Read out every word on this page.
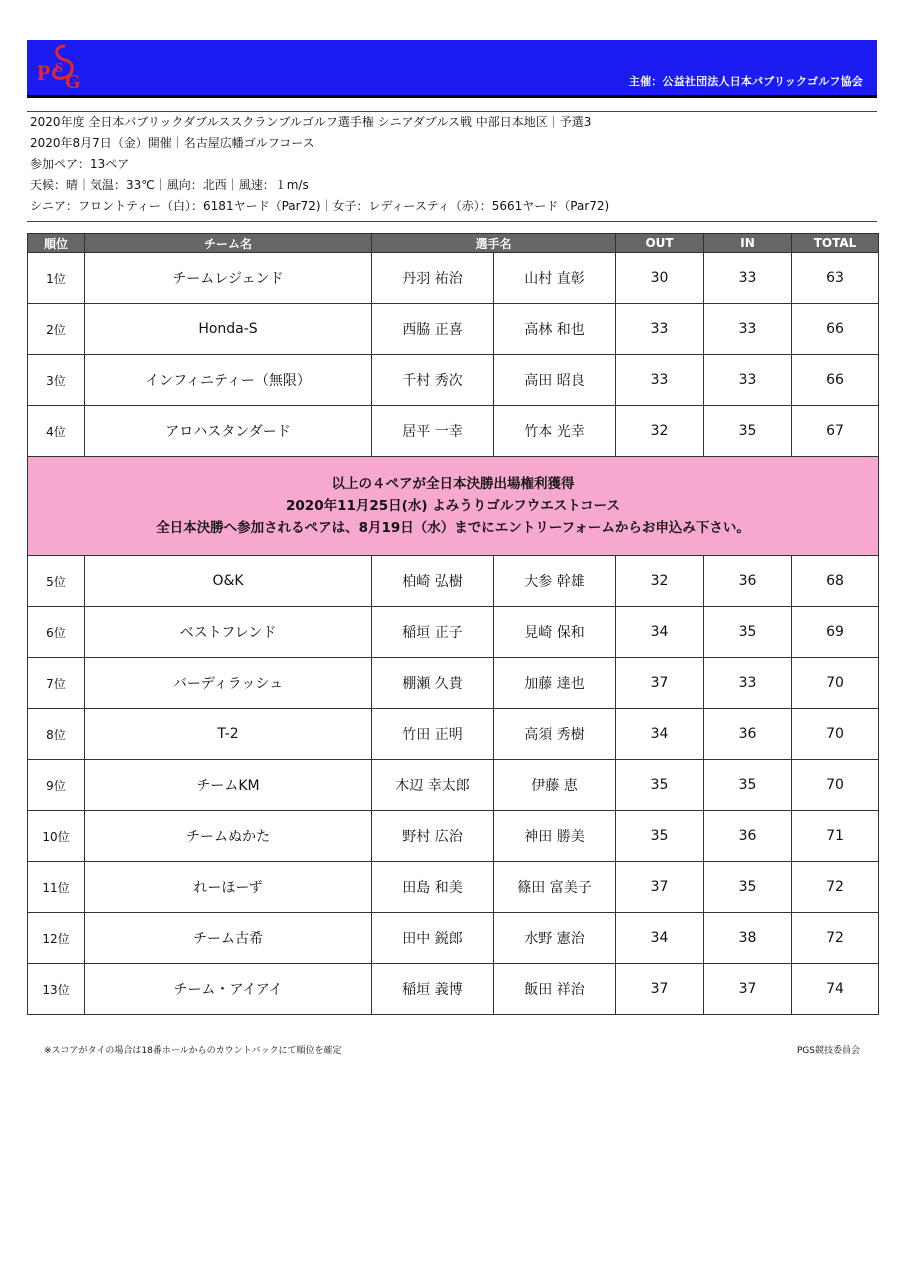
P G
S
主催：公益社団法人日本パブリックゴルフ協会
2020年度 全日本パブリックダブルススクランブルゴルフ選手権 シニアダブルス戦 中部日本地区｜予選3
2020年8月7日（金）開催｜名古屋広幡ゴルフコース
参加ペア：13ペア
天候：晴｜気温：33℃｜風向：北西｜風速：１m/s
シニア：フロントティー（白）：6181ヤード（Par72)｜女子：レディースティ（赤）：5661ヤード（Par72)
順位	チーム名	選手名		OUT	IN	TOTAL
1位	チームレジェンド	丹羽 祐治	山村 直彰	30	33	63
2位	Honda-S	西脇 正喜	高林 和也	33	33	66
3位	インフィニティー（無限）	千村 秀次	高田 昭良	33	33	66
4位	アロハスタンダード	居平 一幸	竹本 光幸	32	35	67

以上の４ペアが全日本決勝出場権利獲得
2020年11月25日(水) よみうりゴルフウエストコース
全日本決勝へ参加されるペアは、8月19日（水）までにエントリーフォームからお申込み下さい。						

5位	O&K	柏崎 弘樹	大参 幹雄	32	36	68
6位	ベストフレンド	稲垣 正子	見崎 保和	34	35	69
7位	バーディラッシュ	棚瀬 久貴	加藤 達也	37	33	70
8位	T-2	竹田 正明	高須 秀樹	34	36	70
9位	チームKM	木辺 幸太郎	伊藤 恵	35	35	70
10位	チームぬかた	野村 広治	神田 勝美	35	36	71
11位	れーほーず	田島 和美	篠田 富美子	37	35	72
12位	チーム古希	田中 鋭郎	水野 憲治	34	38	72
13位	チーム・アイアイ	稲垣 義博	飯田 祥治	37	37	74
※スコアがタイの場合は18番ホールからのカウントバックにて順位を確定	PGS競技委員会
